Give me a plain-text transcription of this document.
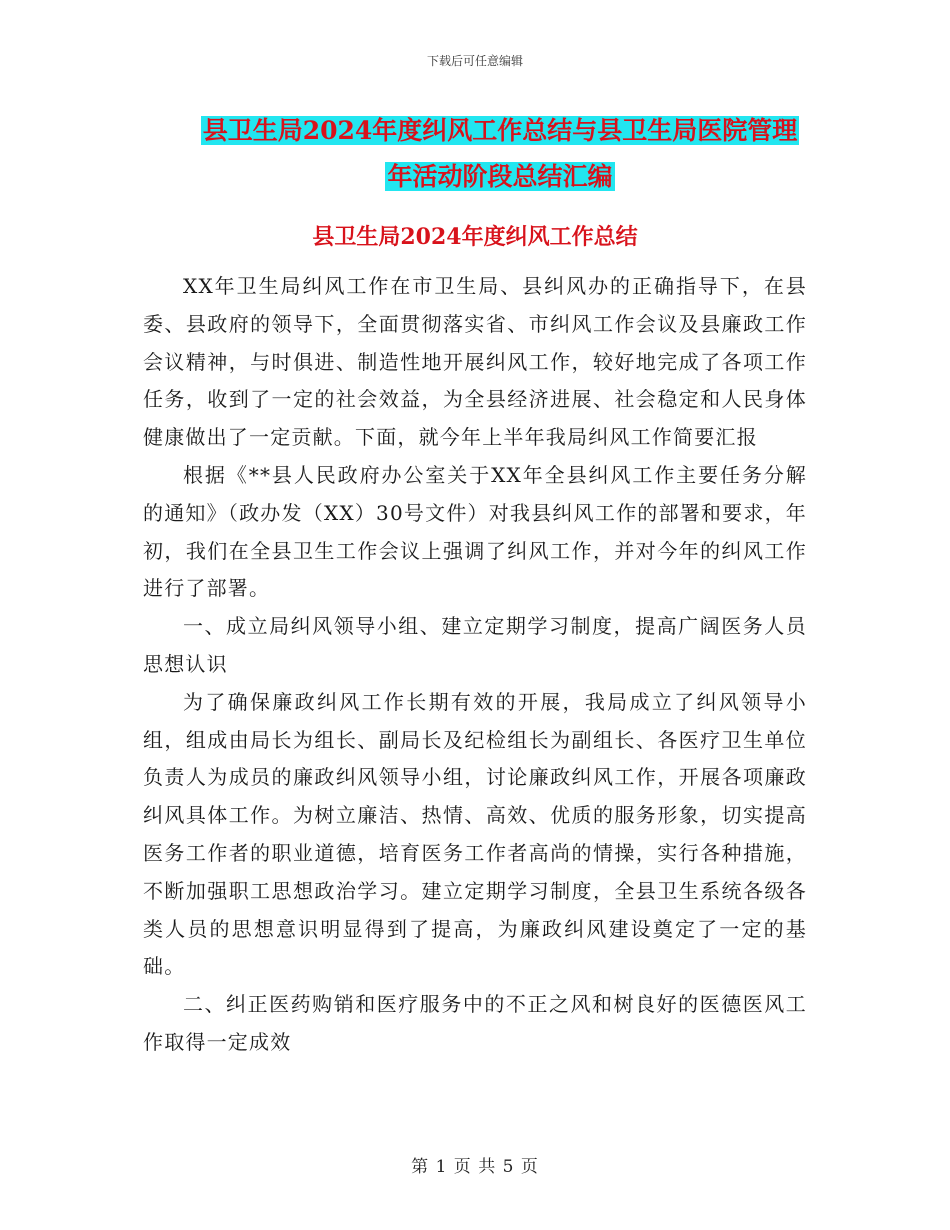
下载后可任意编辑
县卫生局2024年度纠风工作总结与县卫生局医院管理
年活动阶段总结汇编
县卫生局2024年度纠风工作总结

XX年卫生局纠风工作在市卫生局、县纠风办的正确指导下，在县委、县政府的领导下，全面贯彻落实省、市纠风工作会议及县廉政工作会议精神，与时俱进、制造性地开展纠风工作，较好地完成了各项工作任务，收到了一定的社会效益，为全县经济进展、社会稳定和人民身体健康做出了一定贡献。下面，就今年上半年我局纠风工作简要汇报

根据《**县人民政府办公室关于XX年全县纠风工作主要任务分解的通知》（政办发（XX）30号文件）对我县纠风工作的部署和要求，年初，我们在全县卫生工作会议上强调了纠风工作，并对今年的纠风工作进行了部署。

一、成立局纠风领导小组、建立定期学习制度，提高广阔医务人员思想认识

为了确保廉政纠风工作长期有效的开展，我局成立了纠风领导小组，组成由局长为组长、副局长及纪检组长为副组长、各医疗卫生单位负责人为成员的廉政纠风领导小组，讨论廉政纠风工作，开展各项廉政纠风具体工作。为树立廉洁、热情、高效、优质的服务形象，切实提高医务工作者的职业道德，培育医务工作者高尚的情操，实行各种措施，不断加强职工思想政治学习。建立定期学习制度，全县卫生系统各级各类人员的思想意识明显得到了提高，为廉政纠风建设奠定了一定的基础。

二、纠正医药购销和医疗服务中的不正之风和树良好的医德医风工作取得一定成效

第 1 页 共 5 页
